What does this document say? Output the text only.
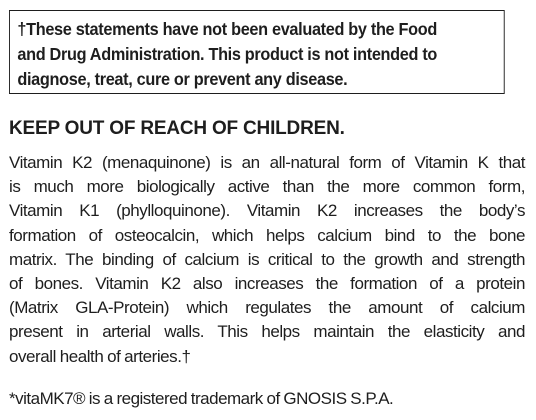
†These statements have not been evaluated by the Food
and Drug Administration. This product is not intended to
diagnose, treat, cure or prevent any disease.
KEEP OUT OF REACH OF CHILDREN.
Vitamin K2 (menaquinone) is an all-natural form of Vitamin K that
is much more biologically active than the more common form,
Vitamin K1 (phylloquinone). Vitamin K2 increases the body’s
formation of osteocalcin, which helps calcium bind to the bone
matrix. The binding of calcium is critical to the growth and strength
of bones. Vitamin K2 also increases the formation of a protein
(Matrix GLA-Protein) which regulates the amount of calcium
present in arterial walls. This helps maintain the elasticity and
overall health of arteries.†
*vitaMK7® is a registered trademark of GNOSIS S.P.A.
